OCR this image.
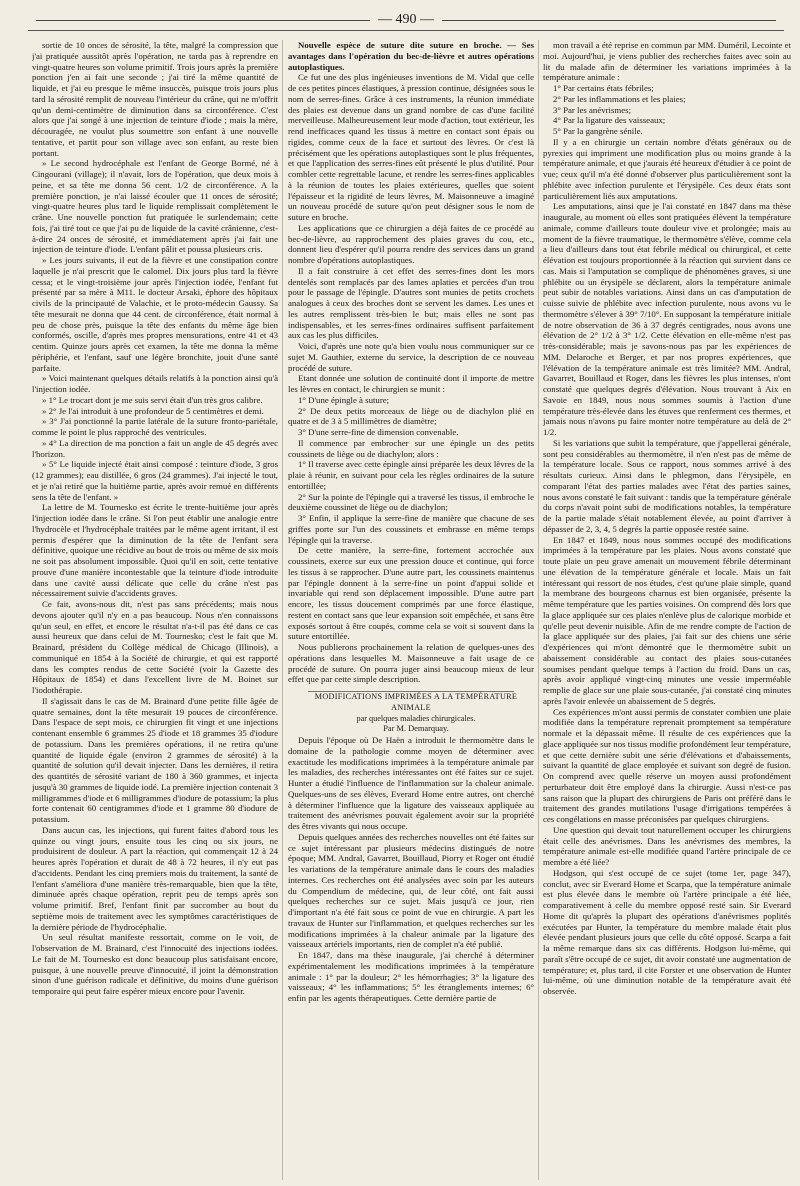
— 490 —

sortie de 10 onces de sérosité, la tête, malgré la compression que j'ai pratiquée aussitôt après l'opération, ne tarda pas à reprendre en vingt-quatre heures son volume primitif. Trois jours après la première ponction j'en ai fait une seconde ; j'ai tiré la même quantité de liquide, et j'ai eu presque le même insuccès, puisque trois jours plus tard la sérosité remplit de nouveau l'intérieur du crâne, qui ne m'offrit qu'un demi-centimètre de diminution dans sa circonférence. C'est alors que j'ai songé à une injection de teinture d'iode ; mais la mère, découragée, ne voulut plus soumettre son enfant à une nouvelle tentative, et partit pour son village avec son enfant, au reste bien portant.

» Le second hydrocéphale est l'enfant de George Bormé, né à Cingourani (village); il n'avait, lors de l'opération, que deux mois à peine, et sa tête me donna 56 cent. 1/2 de circonférence. A la première ponction, je n'ai laissé écouler que 11 onces de sérosité; vingt-quatre heures plus tard le liquide remplissait complètement le crâne. Une nouvelle ponction fut pratiquée le surlendemain; cette fois, j'ai tiré tout ce que j'ai pu de liquide de la cavité crânienne, c'est-à-dire 24 onces de sérosité, et immédiatement après j'ai fait une injection de teinture d'iode. L'enfant pâlit et poussa plusieurs cris.

» Les jours suivants, il eut de la fièvre et une constipation contre laquelle je n'ai prescrit que le calomel. Dix jours plus tard la fièvre cessa; et le vingt-troisième jour après l'injection iodée, l'enfant fut présenté par sa mère à M11. le docteur Arsaki, éphore des hôpitaux civils de la principauté de Valachie, et le proto-médecin Gaussy. Sa tête mesurait ne donna que 44 cent. de circonférence, était normal à peu de chose près, puisque la tête des enfants du même âge bien conformés, oscille, d'après mes propres mensurations, entre 41 et 43 centim. Quinze jours après cet examen, la tête me donna la même périphérie, et l'enfant, sauf une légère bronchite, jouit d'une santé parfaite.

» Voici maintenant quelques détails relatifs à la ponction ainsi qu'à l'injection iodée.

» 1° Le trocart dont je me suis servi était d'un très gros calibre.

» 2° Je l'ai introduit à une profondeur de 5 centimètres et demi.

» 3° J'ai ponctionné la partie latérale de la suture fronto-pariétale, comme le point le plus rapproché des ventricules.

» 4° La direction de ma ponction a fait un angle de 45 degrés avec l'horizon.

» 5° Le liquide injecté était ainsi composé : teinture d'iode, 3 gros (12 grammes); eau distillée, 6 gros (24 grammes). J'ai injecté le tout, et je n'ai retiré que la huitième partie, après avoir remué en différents sens la tête de l'enfant. »

La lettre de M. Tournesko est écrite le trente-huitième jour après l'injection iodée dans le crâne. Si l'on peut établir une analogie entre l'hydrocèle et l'hydrocéphale traitées par le même agent irritant, il est permis d'espérer que la diminution de la tête de l'enfant sera définitive, quoique une récidive au bout de trois ou même de six mois ne soit pas absolument impossible. Quoi qu'il en soit, cette tentative prouve d'une manière incontestable que la teinture d'iode introduite dans une cavité aussi délicate que celle du crâne n'est pas nécessairement suivie d'accidents graves.

Ce fait, avons-nous dit, n'est pas sans précédents; mais nous devons ajouter qu'il n'y en a pas beaucoup. Nous n'en connaissons qu'un seul, en effet, et encore le résultat n'a-t-il pas été dans ce cas aussi heureux que dans celui de M. Tournesko; c'est le fait que M. Brainard, président du Collège médical de Chicago (Illinois), a communiqué en 1854 à la Société de chirurgie, et qui est rapporté dans les comptes rendus de cette Société (voir la Gazette des Hôpitaux de 1854) et dans l'excellent livre de M. Boinet sur l'iodothérapie.

Il s'agissait dans le cas de M. Brainard d'une petite fille âgée de quatre semaines, dont la tête mesurait 19 pouces de circonférence. Dans l'espace de sept mois, ce chirurgien fit vingt et une injections contenant ensemble 6 grammes 25 d'iode et 18 grammes 35 d'iodure de potassium. Dans les premières opérations, il ne retira qu'une quantité de liquide égale (environ 2 grammes de sérosité) à la quantité de solution qu'il devait injecter. Dans les dernières, il retira des quantités de sérosité variant de 180 à 360 grammes, et injecta jusqu'à 30 grammes de liquide iodé. La première injection contenait 3 milligrammes d'iode et 6 milligrammes d'iodure de potassium; la plus forte contenait 60 centigrammes d'iode et 1 gramme 80 d'iodure de potassium.

Dans aucun cas, les injections, qui furent faites d'abord tous les quinze ou vingt jours, ensuite tous les cinq ou six jours, ne produisirent de douleur. A part la réaction, qui commençait 12 à 24 heures après l'opération et durait de 48 à 72 heures, il n'y eut pas d'accidents. Pendant les cinq premiers mois du traitement, la santé de l'enfant s'améliora d'une manière très-remarquable, bien que la tête, diminuée après chaque opération, reprit peu de temps après son volume primitif. Bref, l'enfant finit par succomber au bout du septième mois de traitement avec les symptômes caractéristiques de la dernière période de l'hydrocéphalie.

Un seul résultat manifeste ressortait, comme on le voit, de l'observation de M. Brainard, c'est l'innocuité des injections iodées. Le fait de M. Tournesko est donc beaucoup plus satisfaisant encore, puisque, à une nouvelle preuve d'innocuité, il joint la démonstration sinon d'une guérison radicale et définitive, du moins d'une guérison temporaire qui peut faire espérer mieux encore pour l'avenir.

Nouvelle espèce de suture dite suture en broche. — Ses avantages dans l'opération du bec-de-lièvre et autres opérations autoplastiques.

Ce fut une des plus ingénieuses inventions de M. Vidal que celle de ces petites pinces élastiques, à pression continue, désignées sous le nom de serres-fines. Grâce à ces instruments, la réunion immédiate des plaies est devenue dans un grand nombre de cas d'une facilité merveilleuse. Malheureusement leur mode d'action, tout extérieur, les rend inefficaces quand les tissus à mettre en contact sont épais ou rigides, comme ceux de la face et surtout des lèvres. Or c'est là précisément que les opérations autoplastiques sont le plus fréquentes, et que l'application des serres-fines eût présenté le plus d'utilité. Pour combler cette regrettable lacune, et rendre les serres-fines applicables à la réunion de toutes les plaies extérieures, quelles que soient l'épaisseur et la rigidité de leurs lèvres, M. Maisonneuve a imaginé un nouveau procédé de suture qu'on peut désigner sous le nom de suture en broche.

Les applications que ce chirurgien a déjà faites de ce procédé au bec-de-lièvre, au rapprochement des plaies graves du cou, etc., donnent lieu d'espérer qu'il pourra rendre des services dans un grand nombre d'opérations autoplastiques.

Il a fait construire à cet effet des serres-fines dont les mors dentelés sont remplacés par des lames aplaties et percées d'un trou pour le passage de l'épingle. D'autres sont munies de petits crochets analogues à ceux des broches dont se servent les dames. Les unes et les autres remplissent très-bien le but; mais elles ne sont pas indispensables, et les serres-fines ordinaires suffisent parfaitement aux cas les plus difficiles.

Voici, d'après une note qu'a bien voulu nous communiquer sur ce sujet M. Gauthier, externe du service, la description de ce nouveau procédé de suture.

Etant donnée une solution de continuité dont il importe de mettre les lèvres en contact, le chirurgien se munit :

1° D'une épingle à suture;

2° De deux petits morceaux de liège ou de diachylon plié en quatre et de 3 à 5 millimètres de diamètre;

3° D'une serre-fine de dimension convenable.

Il commence par embrocher sur une épingle un des petits coussinets de liège ou de diachylon; alors :

1° Il traverse avec cette épingle ainsi préparée les deux lèvres de la plaie à réunir, en suivant pour cela les règles ordinaires de la suture entortillée;

2° Sur la pointe de l'épingle qui a traversé les tissus, il embroche le deuxième coussinet de liège ou de diachylon;

3° Enfin, il applique la serre-fine de manière que chacune de ses griffes porte sur l'un des coussinets et embrasse en même temps l'épingle qui la traverse.

De cette manière, la serre-fine, fortement accrochée aux coussinets, exerce sur eux une pression douce et continue, qui force les tissus à se rapprocher. D'une autre part, les coussinets maintenus par l'épingle donnent à la serre-fine un point d'appui solide et invariable qui rend son déplacement impossible. D'une autre part encore, les tissus doucement comprimés par une force élastique, restent en contact sans que leur expansion soit empêchée, et sans être exposés sortout à être coupés, comme cela se voit si souvent dans la suture entortillée.

Nous publierons prochainement la relation de quelques-unes des opérations dans lesquelles M. Maisonneuve a fait usage de ce procédé de suture. On pourra juger ainsi beaucoup mieux de leur effet que par cette simple description.

MODIFICATIONS IMPRIMÉES A LA TEMPÉRATURE ANIMALE

par quelques maladies chirurgicales.

Par M. Demarquay.

Depuis l'époque où De Haën a introduit le thermomètre dans le domaine de la pathologie comme moyen de déterminer avec exactitude les modifications imprimées à la température animale par les maladies, des recherches intéressantes ont été faites sur ce sujet. Hunter a étudié l'influence de l'inflammation sur la chaleur animale. Quelques-uns de ses élèves, Everard Home entre autres, ont cherché à déterminer l'influence que la ligature des vaisseaux appliquée au traitement des anévrismes pouvait également avoir sur la propriété des êtres vivants qui nous occupe.

Depuis quelques années des recherches nouvelles ont été faites sur ce sujet intéressant par plusieurs médecins distingués de notre époque; MM. Andral, Gavarret, Bouillaud, Piorry et Roger ont étudié les variations de la température animale dans le cours des maladies internes. Ces recherches ont été analysées avec soin par les auteurs du Compendium de médecine, qui, de leur côté, ont fait aussi quelques recherches sur ce sujet. Mais jusqu'à ce jour, rien d'important n'a été fait sous ce point de vue en chirurgie. A part les travaux de Hunter sur l'inflammation, et quelques recherches sur les modifications imprimées à la chaleur animale par la ligature des vaisseaux artériels importants, rien de complet n'a été publié.

En 1847, dans ma thèse inaugurale, j'ai cherché à déterminer expérimentalement les modifications imprimées à la température animale : 1° par la douleur; 2° les hémorrhagies; 3° la ligature des vaisseaux; 4° les inflammations; 5° les étranglements internes; 6° enfin par les agents thérapeutiques. Cette dernière partie de

mon travail a été reprise en commun par MM. Duméril, Lecointe et moi. Aujourd'hui, je viens publier des recherches faites avec soin au lit du malade afin de déterminer les variations imprimées à la température animale :

1° Par certains états fébriles;

2° Par les inflammations et les plaies;

3° Par les anévrismes;

4° Par la ligature des vaisseaux;

5° Par la gangrène sénile.

Il y a en chirurgie un certain nombre d'états généraux ou de pyrexies qui impriment une modification plus ou moins grande à la température animale, et que j'aurais été heureux d'étudier à ce point de vue; ceux qu'il m'a été donné d'observer plus particulièrement sont la phlébite avec infection purulente et l'érysipèle. Ces deux états sont particulièrement liés aux amputations.

Les amputations, ainsi que je l'ai constaté en 1847 dans ma thèse inaugurale, au moment où elles sont pratiquées élèvent la température animale, comme d'ailleurs toute douleur vive et prolongée; mais au moment de la fièvre traumatique, le thermomètre s'élève, comme cela a lieu d'ailleurs dans tout état fébrile médical ou chirurgical, et cette élévation est toujours proportionnée à la réaction qui survient dans ce cas. Mais si l'amputation se complique de phénomènes graves, si une phlébite ou un érysipèle se déclarent, alors la température animale peut subir de notables variations. Ainsi dans un cas d'amputation de cuisse suivie de phlébite avec infection purulente, nous avons vu le thermomètre s'élever à 39° 7/10°. En supposant la température initiale de notre observation de 36 à 37 degrés centigrades, nous avons une élévation de 2° 1/2 à 3° 1/2. Cette élévation en elle-même n'est pas très-considérable; mais je savons-nous pas par les expériences de MM. Delaroche et Berger, et par nos propres expériences, que l'élévation de la température animale est très limitée? MM. Andral, Gavarret, Bouillaud et Roger, dans les fièvres les plus intenses, n'ont constaté que quelques degrés d'élévation. Nous trouvant à Aix en Savoie en 1849, nous nous sommes soumis à l'action d'une température très-élevée dans les étuves que renferment ces thermes, et jamais nous n'avons pu faire monter notre température au delà de 2° 1/2.

Si les variations que subit la température, que j'appellerai générale, sont peu considérables au thermomètre, il n'en n'est pas de même de la température locale. Sous ce rapport, nous sommes arrivé à des résultats curieux. Ainsi dans le phlegmon, dans l'érysipèle, en comparant l'état des parties malades avec l'état des parties saines, nous avons constaté le fait suivant : tandis que la température générale du corps n'avait point subi de modifications notables, la température de la partie malade s'était notablement élevée, au point d'arriver à dépasser de 2, 3, 4, 5 degrés la partie opposée restée saine.

En 1847 et 1849, nous nous sommes occupé des modifications imprimées à la température par les plaies. Nous avons constaté que toute plaie un peu grave amenait un mouvement fébrile déterminant une élévation de la température générale et locale. Mais un fait intéressant qui ressort de nos études, c'est qu'une plaie simple, quand la membrane des bourgeons charnus est bien organisée, présente la même température que les parties voisines. On comprend dès lors que la glace appliquée sur ces plaies n'enlève plus de calorique morbide et qu'elle peut devenir nuisible. Afin de me rendre compte de l'action de la glace appliquée sur des plaies, j'ai fait sur des chiens une série d'expériences qui m'ont démontré que le thermomètre subit un abaissement considérable au contact des plaies sous-cutanées soumises pendant quelque temps à l'action du froid. Dans un cas, après avoir appliqué vingt-cinq minutes une vessie imperméable remplie de glace sur une plaie sous-cutanée, j'ai constaté cinq minutes après l'avoir enlevée un abaissement de 5 degrés.

Ces expériences m'ont aussi permis de constater combien une plaie modifiée dans la température reprenait promptement sa température normale et la dépassait même. Il résulte de ces expériences que la glace appliquée sur nos tissus modifie profondément leur température, et que cette dernière subit une série d'élévations et d'abaissements, suivant la quantité de glace employée et suivant son degré de fusion. On comprend avec quelle réserve un moyen aussi profondément perturbateur doit être employé dans la chirurgie. Aussi n'est-ce pas sans raison que la plupart des chirurgiens de Paris ont préféré dans le traitement des grandes mutilations l'usage d'irrigations tempérées à ces congélations en masse préconisées par quelques chirurgiens.

Une question qui devait tout naturellement occuper les chirurgiens était celle des anévrismes. Dans les anévrismes des membres, la température animale est-elle modifiée quand l'artère principale de ce membre a été liée?

Hodgson, qui s'est occupé de ce sujet (tome 1er, page 347), conclut, avec sir Everard Home et Scarpa, que la température animale est plus élevée dans le membre où l'artère principale a été liée, comparativement à celle du membre opposé resté sain. Sir Everard Home dit qu'après la plupart des opérations d'anévrismes poplités exécutées par Hunter, la température du membre malade était plus élevée pendant plusieurs jours que celle du côté opposé. Scarpa a fait la même remarque dans six cas différents. Hodgson lui-même, qui paraît s'être occupé de ce sujet, dit avoir constaté une augmentation de température; et, plus tard, il cite Forster et une observation de Hunter lui-même, où une diminution notable de la température avait été observée.
